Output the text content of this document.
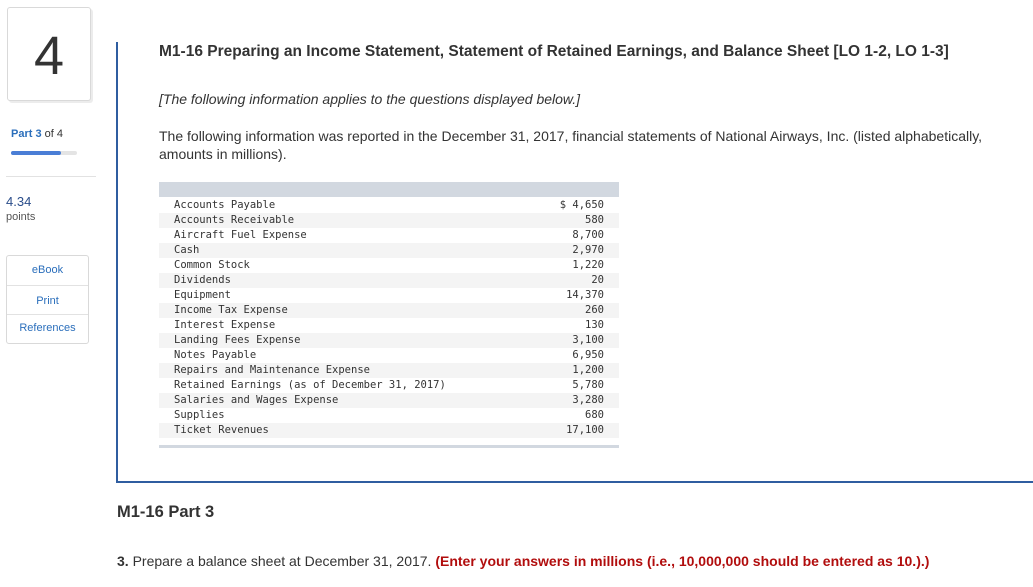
4
Part 3 of 4
4.34
points
eBook
Print
References
M1-16 Preparing an Income Statement, Statement of Retained Earnings, and Balance Sheet [LO 1-2, LO 1-3]
[The following information applies to the questions displayed below.]
The following information was reported in the December 31, 2017, financial statements of National Airways, Inc. (listed alphabetically, amounts in millions).
Accounts Payable	$ 4,650
Accounts Receivable	580
Aircraft Fuel Expense	8,700
Cash	2,970
Common Stock	1,220
Dividends	20
Equipment	14,370
Income Tax Expense	260
Interest Expense	130
Landing Fees Expense	3,100
Notes Payable	6,950
Repairs and Maintenance Expense	1,200
Retained Earnings (as of December 31, 2017)	5,780
Salaries and Wages Expense	3,280
Supplies	680
Ticket Revenues	17,100
M1-16 Part 3
3. Prepare a balance sheet at December 31, 2017. (Enter your answers in millions (i.e., 10,000,000 should be entered as 10.).)
